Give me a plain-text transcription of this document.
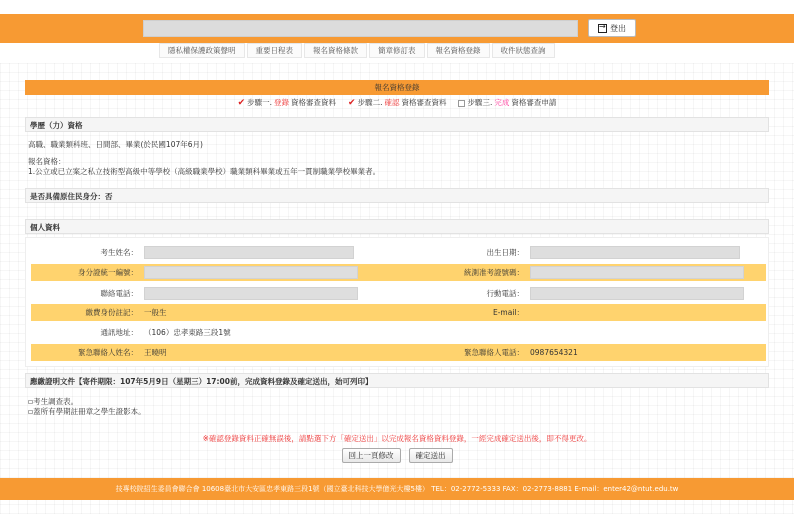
→
登出
隱私權保護政策聲明	重要日程表	報名資格條款	簡章修訂表	報名資格登錄	收件狀態查詢
報名資格登錄
✔ 步驟一. 登錄 資格審查資料 ✔ 步驟二. 確認 資格審查資料	步驟三. 完成 資格審查申請
學歷（力）資格
高職、職業類科班、日間部、畢業(於民國107年6月)
報名資格：
1.公立或已立案之私立技術型高級中等學校（高級職業學校）職業類科畢業或五年一貫制職業學校畢業者。
是否具備原住民身分：否
個人資料
考生姓名：	出生日期：
身分證統一編號：	統測准考證號碼：
聯絡電話：	行動電話：
繳費身份註記： 一般生	E-mail：
通訊地址： （106）忠孝東路三段1號
緊急聯絡人姓名： 王曉明	緊急聯絡人電話： 0987654321
應繳證明文件【寄件期限：107年5月9日（星期三）17:00前，完成資料登錄及確定送出，始可列印】
▫考生調查表。
▫蓋所有學期註冊章之學生證影本。
※確認登錄資料正確無誤後，請點選下方「確定送出」以完成報名資格資料登錄，一經完成確定送出後，即不得更改。
回上一頁修改	確定送出
技專校院招生委員會聯合會 10608臺北市大安區忠孝東路三段1號（國立臺北科技大學億光大樓5樓） TEL：02-2772-5333 FAX：02-2773-8881 E-mail：enter42@ntut.edu.tw
